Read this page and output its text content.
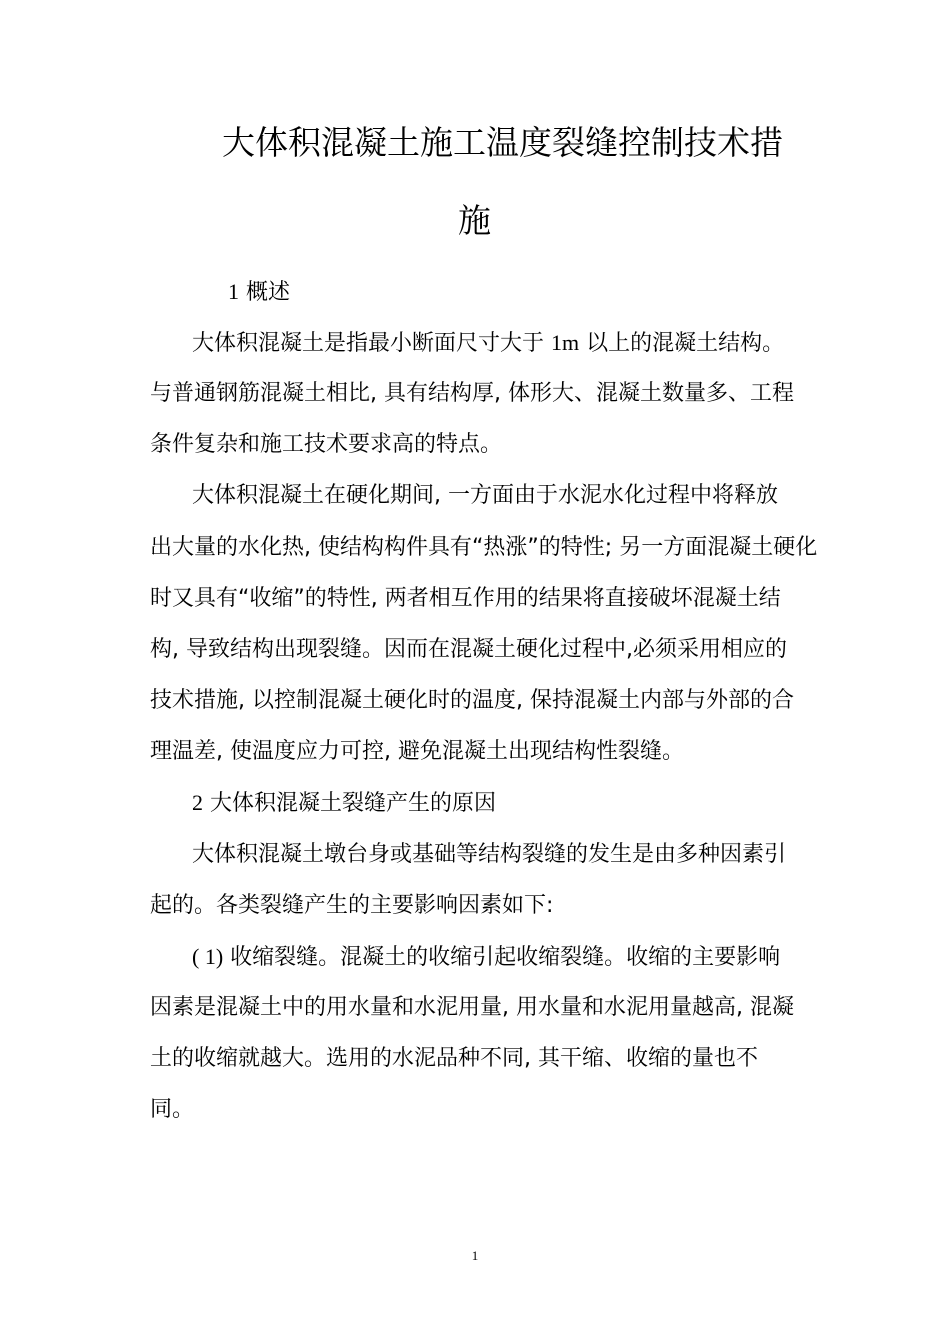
大体积混凝土施工温度裂缝控制技术措
施
1 概述
大体积混凝土是指最小断面尺寸大于 1m 以上的混凝土结构。
与普通钢筋混凝土相比, 具有结构厚, 体形大、混凝土数量多、工程
条件复杂和施工技术要求高的特点。
大体积混凝土在硬化期间, 一方面由于水泥水化过程中将释放
出大量的水化热, 使结构构件具有“热涨”的特性; 另一方面混凝土硬化
时又具有“收缩”的特性, 两者相互作用的结果将直接破坏混凝土结
构, 导致结构出现裂缝。因而在混凝土硬化过程中,必须采用相应的
技术措施, 以控制混凝土硬化时的温度, 保持混凝土内部与外部的合
理温差, 使温度应力可控, 避免混凝土出现结构性裂缝。
2 大体积混凝土裂缝产生的原因
大体积混凝土墩台身或基础等结构裂缝的发生是由多种因素引
起的。各类裂缝产生的主要影响因素如下:
( 1) 收缩裂缝。混凝土的收缩引起收缩裂缝。收缩的主要影响
因素是混凝土中的用水量和水泥用量, 用水量和水泥用量越高, 混凝
土的收缩就越大。选用的水泥品种不同, 其干缩、收缩的量也不
同。
1
